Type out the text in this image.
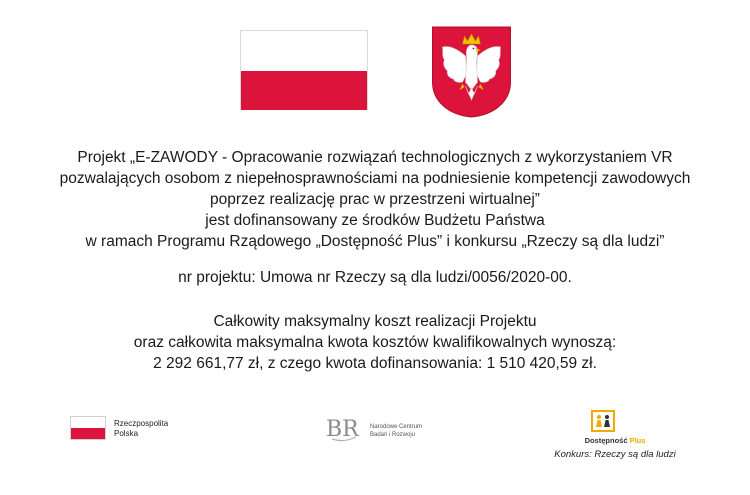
Projekt „E-ZAWODY - Opracowanie rozwiązań technologicznych z wykorzystaniem VR
pozwalających osobom z niepełnosprawnościami na podniesienie kompetencji zawodowych
poprzez realizację prac w przestrzeni wirtualnej”
jest dofinansowany ze środków Budżetu Państwa
w ramach Programu Rządowego „Dostępność Plus” i konkursu „Rzeczy są dla ludzi”
nr projektu: Umowa nr Rzeczy są dla ludzi/0056/2020-00.
Całkowity maksymalny koszt realizacji Projektu
oraz całkowita maksymalna kwota kosztów kwalifikowalnych wynoszą:
2 292 661,77 zł, z czego kwota dofinansowania: 1 510 420,59 zł.
Rzeczpospolita
Polska	BR Narodowe Centrum
Badań i Rozwoju
Dostępność Plus
Konkurs: Rzeczy są dla ludzi
